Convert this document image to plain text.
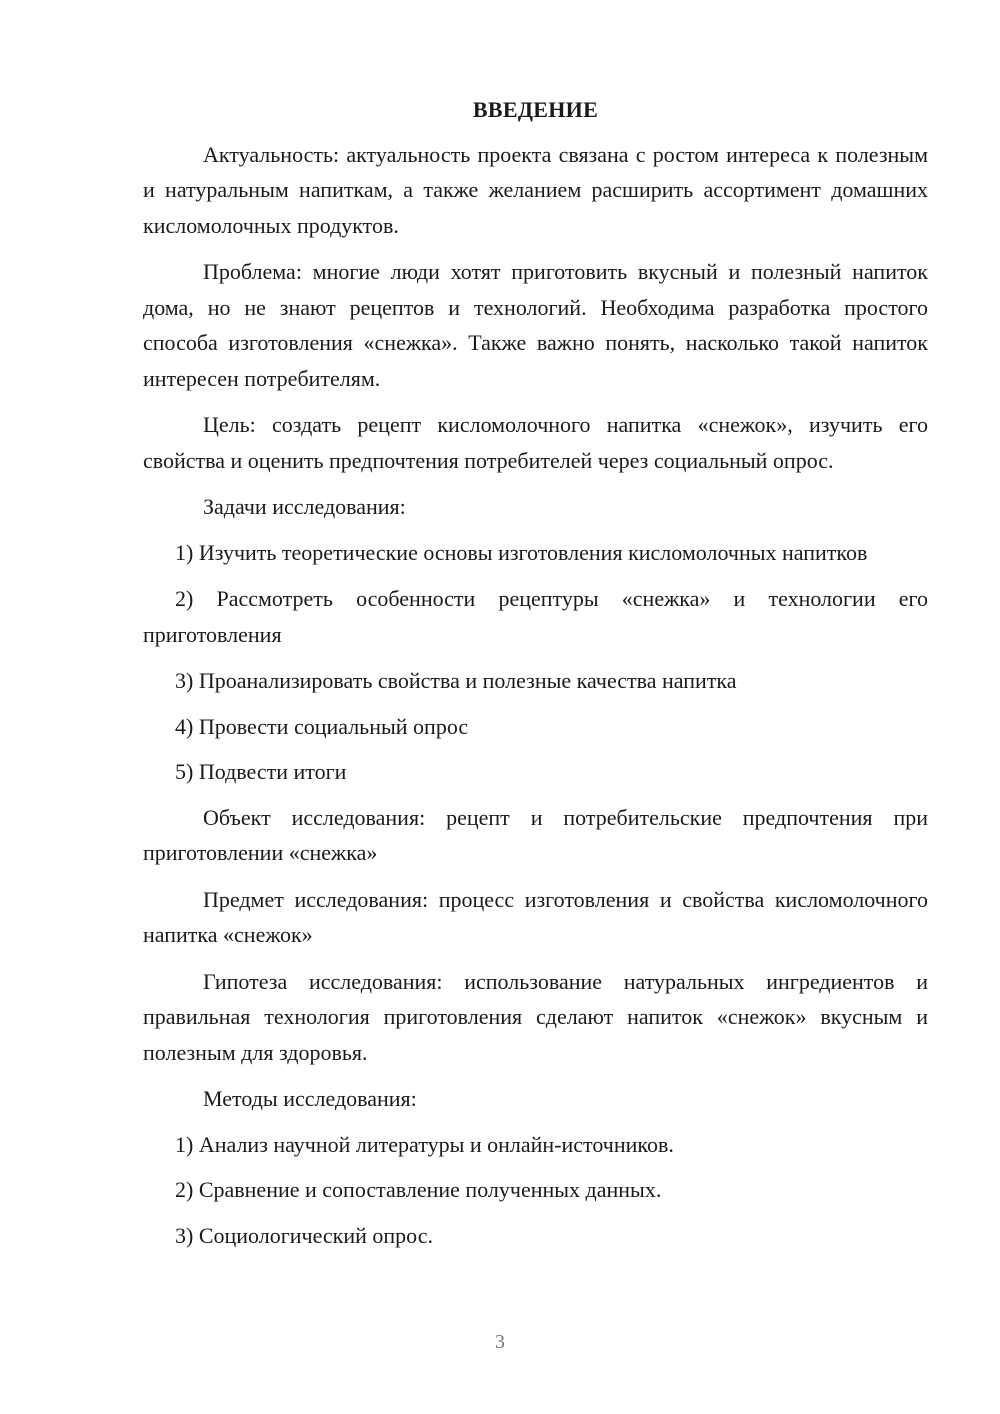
ВВЕДЕНИЕ

Актуальность: актуальность проекта связана с ростом интереса к полезным и натуральным напиткам, а также желанием расширить ассортимент домашних кисломолочных продуктов.

Проблема: многие люди хотят приготовить вкусный и полезный напиток дома, но не знают рецептов и технологий. Необходима разработка простого способа изготовления «снежка». Также важно понять, насколько такой напиток интересен потребителям.

Цель: создать рецепт кисломолочного напитка «снежок», изучить его свойства и оценить предпочтения потребителей через социальный опрос.

Задачи исследования:

1) Изучить теоретические основы изготовления кисломолочных напитков

2) Рассмотреть особенности рецептуры «снежка» и технологии его приготовления

3) Проанализировать свойства и полезные качества напитка

4) Провести социальный опрос

5) Подвести итоги

Объект исследования: рецепт и потребительские предпочтения при приготовлении «снежка»

Предмет исследования: процесс изготовления и свойства кисломолочного напитка «снежок»

Гипотеза исследования: использование натуральных ингредиентов и правильная технология приготовления сделают напиток «снежок» вкусным и полезным для здоровья.

Методы исследования:

1) Анализ научной литературы и онлайн-источников.

2) Сравнение и сопоставление полученных данных.

3) Социологический опрос.

3
